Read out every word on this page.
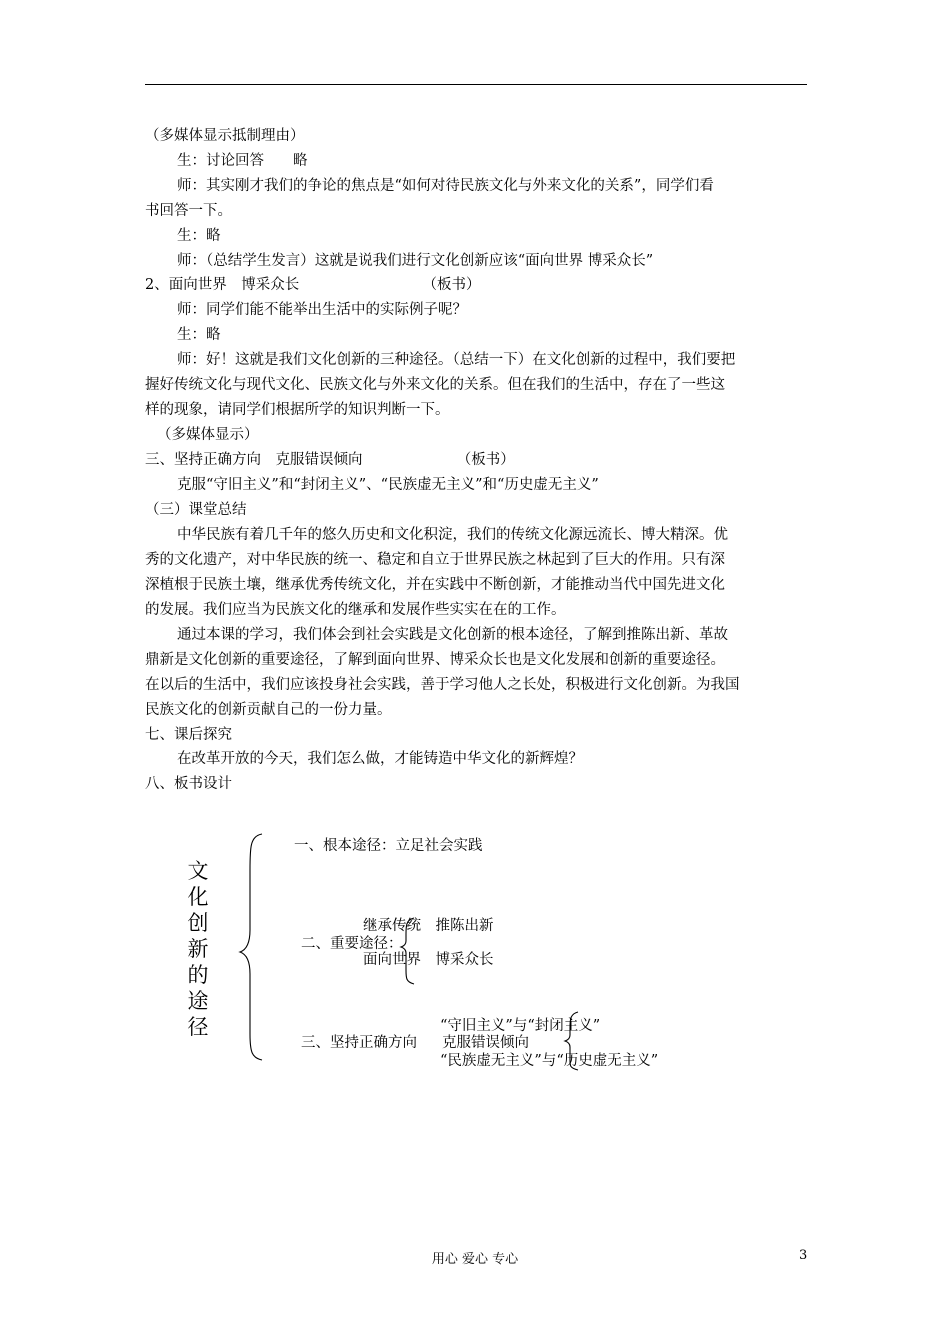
（多媒体显示抵制理由）
生：讨论回答　　略
师：其实刚才我们的争论的焦点是“如何对待民族文化与外来文化的关系”，同学们看
书回答一下。
生：略
师：（总结学生发言）这就是说我们进行文化创新应该“面向世界 博采众长”
2、面向世界　博采众长　　　　　　　　　（板书）
师：同学们能不能举出生活中的实际例子呢？
生：略
师：好！这就是我们文化创新的三种途径。（总结一下）在文化创新的过程中，我们要把
握好传统文化与现代文化、民族文化与外来文化的关系。但在我们的生活中，存在了一些这
样的现象，请同学们根据所学的知识判断一下。
（多媒体显示）
三、坚持正确方向　克服错误倾向　　　　　　　（板书）
克服“守旧主义”和“封闭主义”、“民族虚无主义”和“历史虚无主义”
（三）课堂总结
中华民族有着几千年的悠久历史和文化积淀，我们的传统文化源远流长、博大精深。优
秀的文化遗产，对中华民族的统一、稳定和自立于世界民族之林起到了巨大的作用。只有深
深植根于民族土壤，继承优秀传统文化，并在实践中不断创新，才能推动当代中国先进文化
的发展。我们应当为民族文化的继承和发展作些实实在在的工作。
通过本课的学习，我们体会到社会实践是文化创新的根本途径，了解到推陈出新、革故
鼎新是文化创新的重要途径，了解到面向世界、博采众长也是文化发展和创新的重要途径。
在以后的生活中，我们应该投身社会实践，善于学习他人之长处，积极进行文化创新。为我国
民族文化的创新贡献自己的一份力量。
七、课后探究
在改革开放的今天，我们怎么做，才能铸造中华文化的新辉煌？
八、板书设计
文化创新的途径
一、根本途径：立足社会实践
继承传统　推陈出新
二、重要途径：
面向世界　博采众长
“守旧主义”与“封闭主义”
三、坚持正确方向 克服错误倾向
“民族虚无主义”与“历史虚无主义”
用心 爱心 专心	3
